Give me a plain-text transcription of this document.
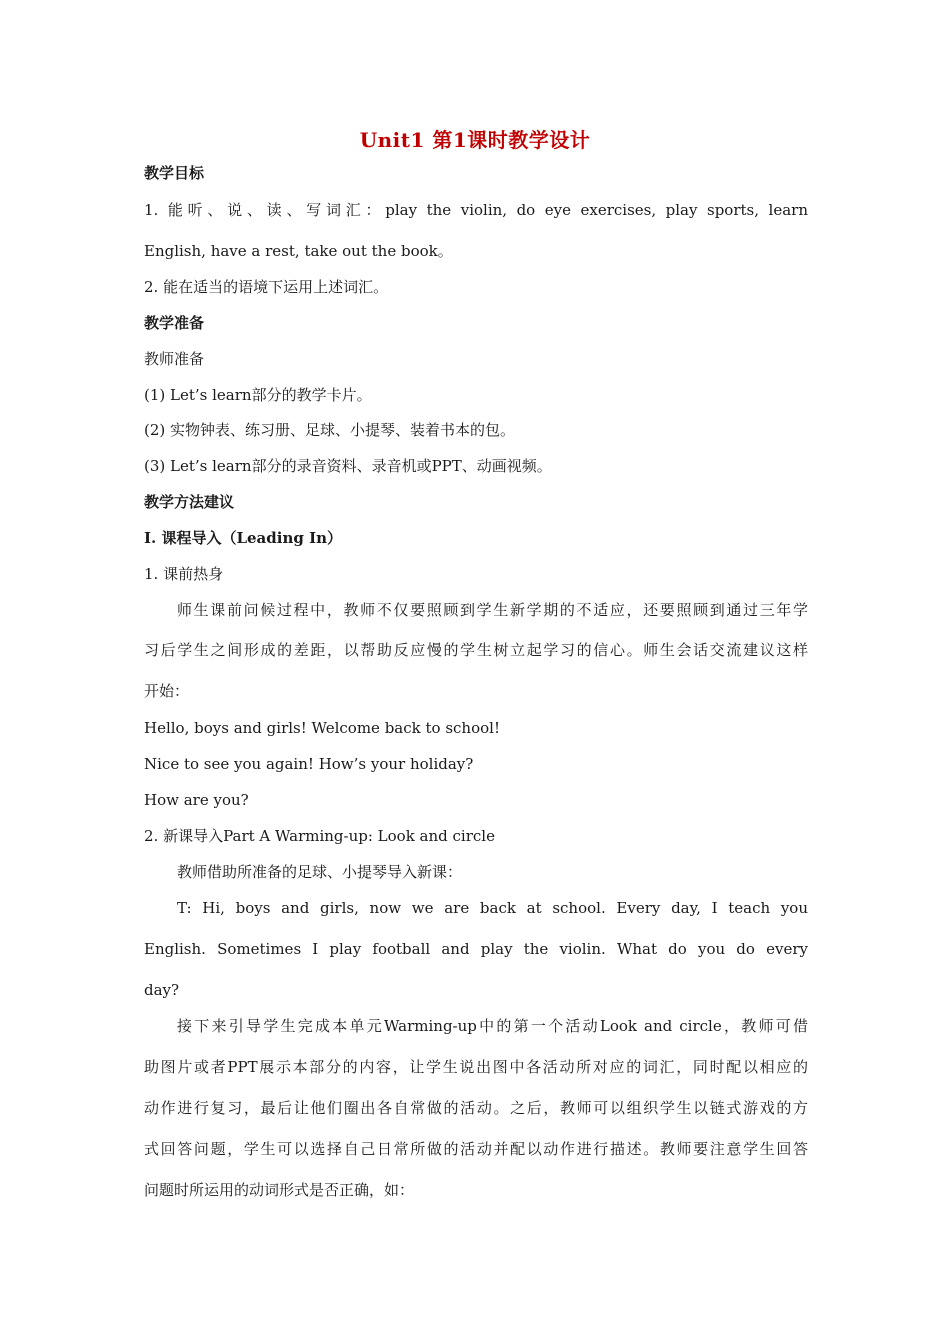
Unit1 第1课时教学设计
教学目标
1. 能听、说、读、写词汇：play the violin, do eye exercises, play sports, learn
English, have a rest, take out the book。
2. 能在适当的语境下运用上述词汇。
教学准备
教师准备
(1) Let’s learn部分的教学卡片。
(2) 实物钟表、练习册、足球、小提琴、装着书本的包。
(3) Let’s learn部分的录音资料、录音机或PPT、动画视频。
教学方法建议
I. 课程导入（Leading In）
1. 课前热身
师生课前问候过程中，教师不仅要照顾到学生新学期的不适应，还要照顾到通过三年学
习后学生之间形成的差距，以帮助反应慢的学生树立起学习的信心。师生会话交流建议这样
开始：
Hello, boys and girls! Welcome back to school!
Nice to see you again! How’s your holiday?
How are you?
2. 新课导入Part A Warming-up: Look and circle
教师借助所准备的足球、小提琴导入新课：
T: Hi, boys and girls, now we are back at school. Every day, I teach you
English. Sometimes I play football and play the violin. What do you do every
day?
接下来引导学生完成本单元Warming-up中的第一个活动Look and circle，教师可借
助图片或者PPT展示本部分的内容，让学生说出图中各活动所对应的词汇，同时配以相应的
动作进行复习，最后让他们圈出各自常做的活动。之后，教师可以组织学生以链式游戏的方
式回答问题，学生可以选择自己日常所做的活动并配以动作进行描述。教师要注意学生回答
问题时所运用的动词形式是否正确，如：
